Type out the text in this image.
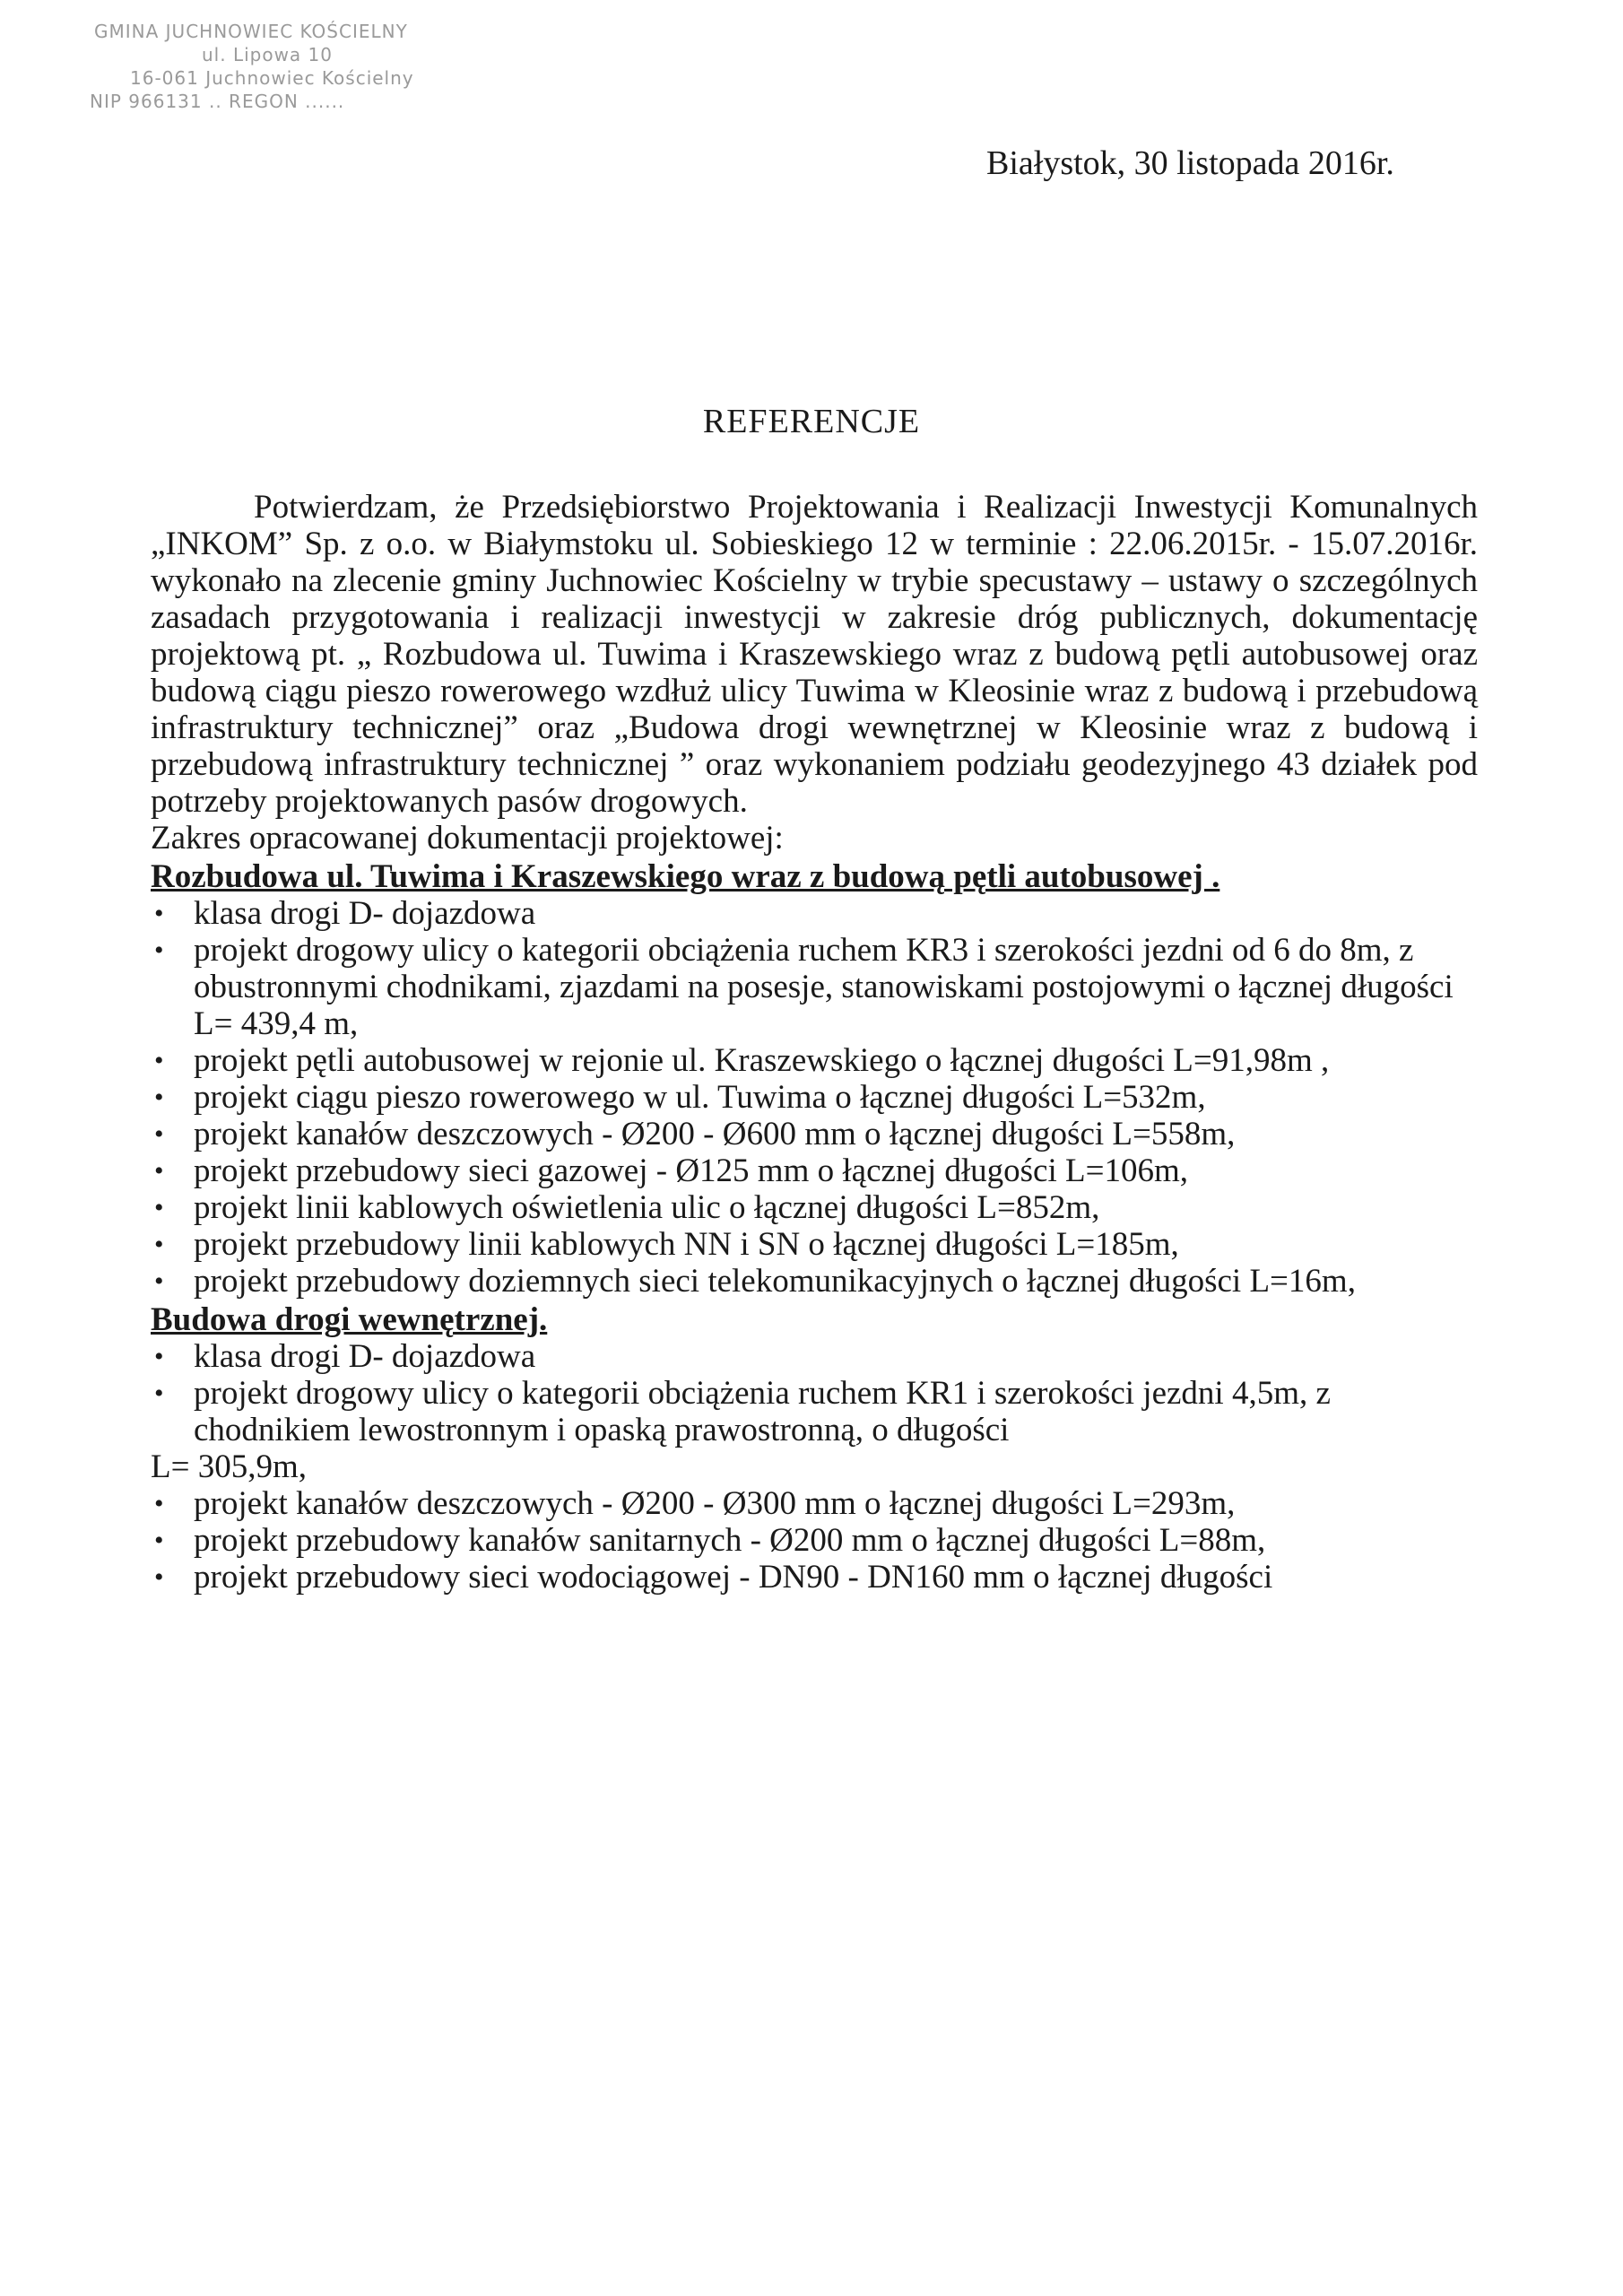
GMINA JUCHNOWIEC KOŚCIELNY
ul. Lipowa 10
16-061 Juchnowiec Kościelny
NIP 966131 .. REGON ......
Białystok, 30 listopada 2016r.
REFERENCJE

Potwierdzam, że Przedsiębiorstwo Projektowania i Realizacji Inwestycji Komunalnych „INKOM” Sp. z o.o. w Białymstoku ul. Sobieskiego 12 w terminie : 22.06.2015r. - 15.07.2016r. wykonało na zlecenie gminy Juchnowiec Kościelny w trybie specustawy – ustawy o szczególnych zasadach przygotowania i realizacji inwestycji w zakresie dróg publicznych, dokumentację projektową pt. „ Rozbudowa ul. Tuwima i Kraszewskiego wraz z budową pętli autobusowej oraz budową ciągu pieszo rowerowego wzdłuż ulicy Tuwima w Kleosinie wraz z budową i przebudową infrastruktury technicznej” oraz „Budowa drogi wewnętrznej w Kleosinie wraz z budową i przebudową infrastruktury technicznej ” oraz wykonaniem podziału geodezyjnego 43 działek pod potrzeby projektowanych pasów drogowych.

Zakres opracowanej dokumentacji projektowej:

Rozbudowa ul. Tuwima i Kraszewskiego wraz z budową pętli autobusowej .

• klasa drogi D- dojazdowa
• projekt drogowy ulicy o kategorii obciążenia ruchem KR3 i szerokości jezdni od 6 do 8m, z obustronnymi chodnikami, zjazdami na posesje, stanowiskami postojowymi o łącznej długości L= 439,4 m,
• projekt pętli autobusowej w rejonie ul. Kraszewskiego o łącznej długości L=91,98m ,
• projekt ciągu pieszo rowerowego w ul. Tuwima o łącznej długości L=532m,
• projekt kanałów deszczowych - Ø200 - Ø600 mm o łącznej długości L=558m,
• projekt przebudowy sieci gazowej - Ø125 mm o łącznej długości L=106m,
• projekt linii kablowych oświetlenia ulic o łącznej długości L=852m,
• projekt przebudowy linii kablowych NN i SN o łącznej długości L=185m,
• projekt przebudowy doziemnych sieci telekomunikacyjnych o łącznej długości L=16m,

Budowa drogi wewnętrznej.

• klasa drogi D- dojazdowa
• projekt drogowy ulicy o kategorii obciążenia ruchem KR1 i szerokości jezdni 4,5m, z chodnikiem lewostronnym i opaską prawostronną, o długości

L= 305,9m,

• projekt kanałów deszczowych - Ø200 - Ø300 mm o łącznej długości L=293m,
• projekt przebudowy kanałów sanitarnych - Ø200 mm o łącznej długości L=88m,
• projekt przebudowy sieci wodociągowej - DN90 - DN160 mm o łącznej długości
